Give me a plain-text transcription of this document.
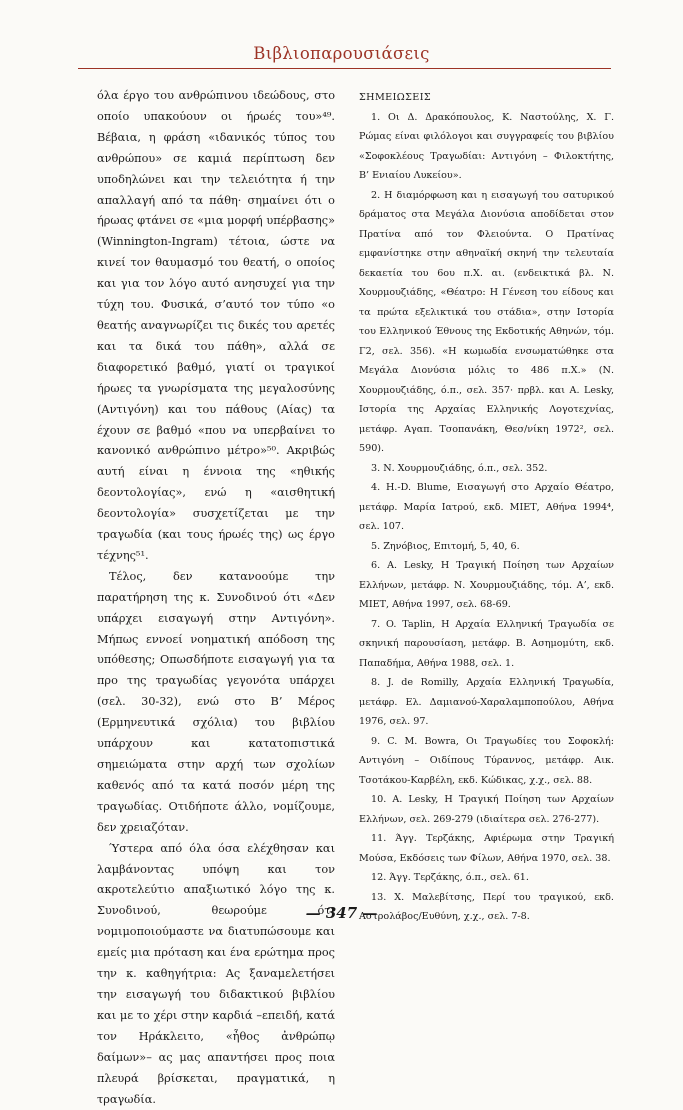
Βιβλιοπαρουσιάσεις

όλα έργο του ανθρώπινου ιδεώδους, στο οποίο υπακούουν οι ήρωές του»⁴⁹. Βέβαια, η φράση «ιδανικός τύπος του ανθρώπου» σε καμιά περίπτωση δεν υποδηλώνει και την τελειότητα ή την απαλλαγή από τα πάθη· σημαίνει ότι ο ήρωας φτάνει σε «μια μορφή υπέρβασης» (Winnington-Ingram) τέτοια, ώστε να κινεί τον θαυμασμό του θεατή, ο οποίος και για τον λόγο αυτό ανησυχεί για την τύχη του. Φυσικά, σ’αυτό τον τύπο «ο θεατής αναγνωρίζει τις δικές του αρετές και τα δικά του πάθη», αλλά σε διαφορετικό βαθμό, γιατί οι τραγικοί ήρωες τα γνωρίσματα της μεγαλοσύνης (Αντιγόνη) και του πάθους (Αίας) τα έχουν σε βαθμό «που να υπερβαίνει το κανονικό ανθρώπινο μέτρο»⁵⁰. Ακριβώς αυτή είναι η έννοια της «ηθικής δεοντολογίας», ενώ η «αισθητική δεοντολογία» συσχετίζεται με την τραγωδία (και τους ήρωές της) ως έργο τέχνης⁵¹.

Τέλος, δεν κατανοούμε την παρατήρηση της κ. Συνοδινού ότι «Δεν υπάρχει εισαγωγή στην Αντιγόνη». Μήπως εννοεί νοηματική απόδοση της υπόθεσης; Οπωσδήποτε εισαγωγή για τα προ της τραγωδίας γεγονότα υπάρχει (σελ. 30-32), ενώ στο Β’ Μέρος (Ερμηνευτικά σχόλια) του βιβλίου υπάρχουν και κατατοπιστικά σημειώματα στην αρχή των σχολίων καθενός από τα κατά ποσόν μέρη της τραγωδίας. Οτιδήποτε άλλο, νομίζουμε, δεν χρειαζόταν.

Ύστερα από όλα όσα ελέχθησαν και λαμβάνοντας υπόψη και τον ακροτελεύτιο απαξιωτικό λόγο της κ. Συνοδινού, θεωρούμε ότι νομιμοποιούμαστε να διατυπώσουμε και εμείς μια πρόταση και ένα ερώτημα προς την κ. καθηγήτρια: Ας ξαναμελετήσει την εισαγωγή του διδακτικού βιβλίου και με το χέρι στην καρδιά –επειδή, κατά τον Ηράκλειτο, «ἦθος ἀνθρώπῳ δαίμων»– ας μας απαντήσει προς ποια πλευρά βρίσκεται, πραγματικά, η τραγωδία.

ΣΗΜΕΙΩΣΕΙΣ

1. Οι Δ. Δρακόπουλος, Κ. Ναστούλης, Χ. Γ. Ρώμας είναι φιλόλογοι και συγγραφείς του βιβλίου «Σοφοκλέους Τραγωδίαι: Αντιγόνη – Φιλοκτήτης, Β’ Ενιαίου Λυκείου».

2. Η διαμόρφωση και η εισαγωγή του σατυρικού δράματος στα Μεγάλα Διονύσια αποδίδεται στον Πρατίνα από τον Φλειούντα. Ο Πρατίνας εμφανίστηκε στην αθηναϊκή σκηνή την τελευταία δεκαετία του 6ου π.Χ. αι. (ενδεικτικά βλ. Ν. Χουρμουζιάδης, «Θέατρο: Η Γένεση του είδους και τα πρώτα εξελικτικά του στάδια», στην Ιστορία του Ελληνικού Έθνους της Εκδοτικής Αθηνών, τόμ. Γ2, σελ. 356). «Η κωμωδία ενσωματώθηκε στα Μεγάλα Διονύσια μόλις το 486 π.Χ.» (Ν. Χουρμουζιάδης, ό.π., σελ. 357· πρβλ. και A. Lesky, Ιστορία της Αρχαίας Ελληνικής Λογοτεχνίας, μετάφρ. Αγαπ. Τσοπανάκη, Θεσ/νίκη 1972², σελ. 590).

3. Ν. Χουρμουζιάδης, ό.π., σελ. 352.

4. H.-D. Blume, Εισαγωγή στο Αρχαίο Θέατρο, μετάφρ. Μαρία Ιατρού, εκδ. ΜΙΕΤ, Αθήνα 1994⁴, σελ. 107.

5. Ζηνόβιος, Επιτομή, 5, 40, 6.

6. A. Lesky, Η Τραγική Ποίηση των Αρχαίων Ελλήνων, μετάφρ. Ν. Χουρμουζιάδης, τόμ. Α’, εκδ. ΜΙΕΤ, Αθήνα 1997, σελ. 68-69.

7. O. Taplin, Η Αρχαία Ελληνική Τραγωδία σε σκηνική παρουσίαση, μετάφρ. Β. Ασημομύτη, εκδ. Παπαδήμα, Αθήνα 1988, σελ. 1.

8. J. de Romilly, Αρχαία Ελληνική Τραγωδία, μετάφρ. Ελ. Δαμιανού-Χαραλαμποπούλου, Αθήνα 1976, σελ. 97.

9. C. M. Bowra, Οι Τραγωδίες του Σοφοκλή: Αντιγόνη – Οιδίπους Τύραννος, μετάφρ. Αικ. Τσοτάκου-Καρβέλη, εκδ. Κώδικας, χ.χ., σελ. 88.

10. A. Lesky, Η Τραγική Ποίηση των Αρχαίων Ελλήνων, σελ. 269-279 (ιδιαίτερα σελ. 276-277).

11. Άγγ. Τερζάκης, Αφιέρωμα στην Τραγική Μούσα, Εκδόσεις των Φίλων, Αθήνα 1970, σελ. 38.

12. Άγγ. Τερζάκης, ό.π., σελ. 61.

13. Χ. Μαλεβίτσης, Περί του τραγικού, εκδ. Αστρολάβος/Ευθύνη, χ.χ., σελ. 7-8.

— 347 —
